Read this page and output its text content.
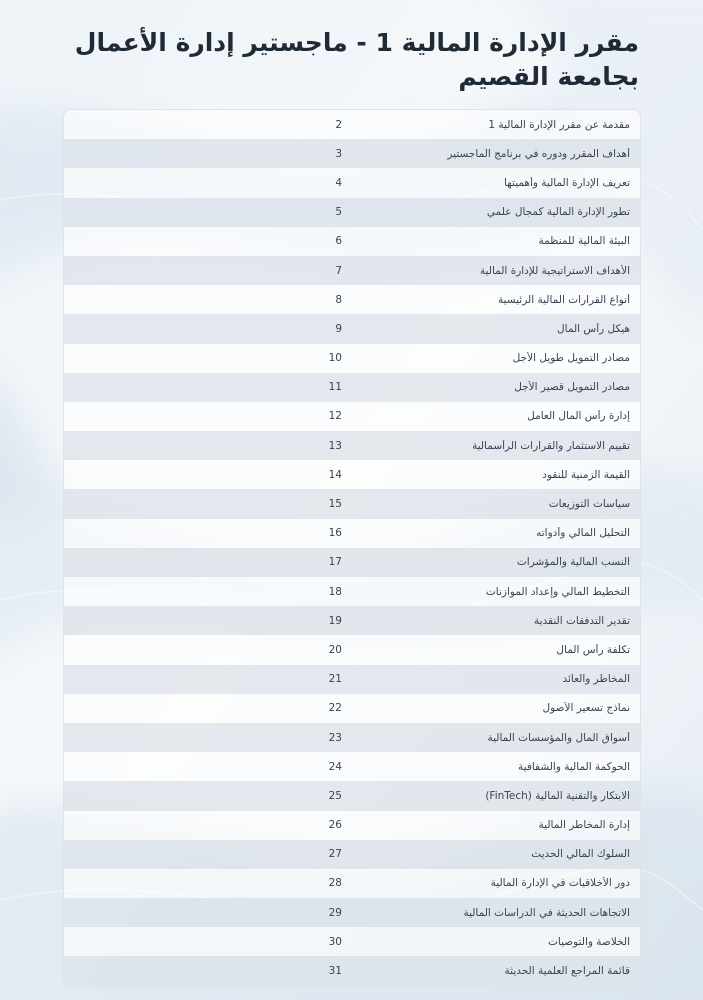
مقرر الإدارة المالية 1 - ماجستير إدارة الأعمال بجامعة القصيم
مقدمة عن مقرر الإدارة المالية 1
2
أهداف المقرر ودوره في برنامج الماجستير
3
تعريف الإدارة المالية وأهميتها
4
تطور الإدارة المالية كمجال علمي
5
البيئة المالية للمنظمة
6
الأهداف الاستراتيجية للإدارة المالية
7
أنواع القرارات المالية الرئيسية
8
هيكل رأس المال
9
مصادر التمويل طويل الأجل
10
مصادر التمويل قصير الأجل
11
إدارة رأس المال العامل
12
تقييم الاستثمار والقرارات الرأسمالية
13
القيمة الزمنية للنقود
14
سياسات التوزيعات
15
التحليل المالي وأدواته
16
النسب المالية والمؤشرات
17
التخطيط المالي وإعداد الموازنات
18
تقدير التدفقات النقدية
19
تكلفة رأس المال
20
المخاطر والعائد
21
نماذج تسعير الأصول
22
أسواق المال والمؤسسات المالية
23
الحوكمة المالية والشفافية
24
الابتكار والتقنية المالية (FinTech)
25
إدارة المخاطر المالية
26
السلوك المالي الحديث
27
دور الأخلاقيات في الإدارة المالية
28
الاتجاهات الحديثة في الدراسات المالية
29
الخلاصة والتوصيات
30
قائمة المراجع العلمية الحديثة
31
